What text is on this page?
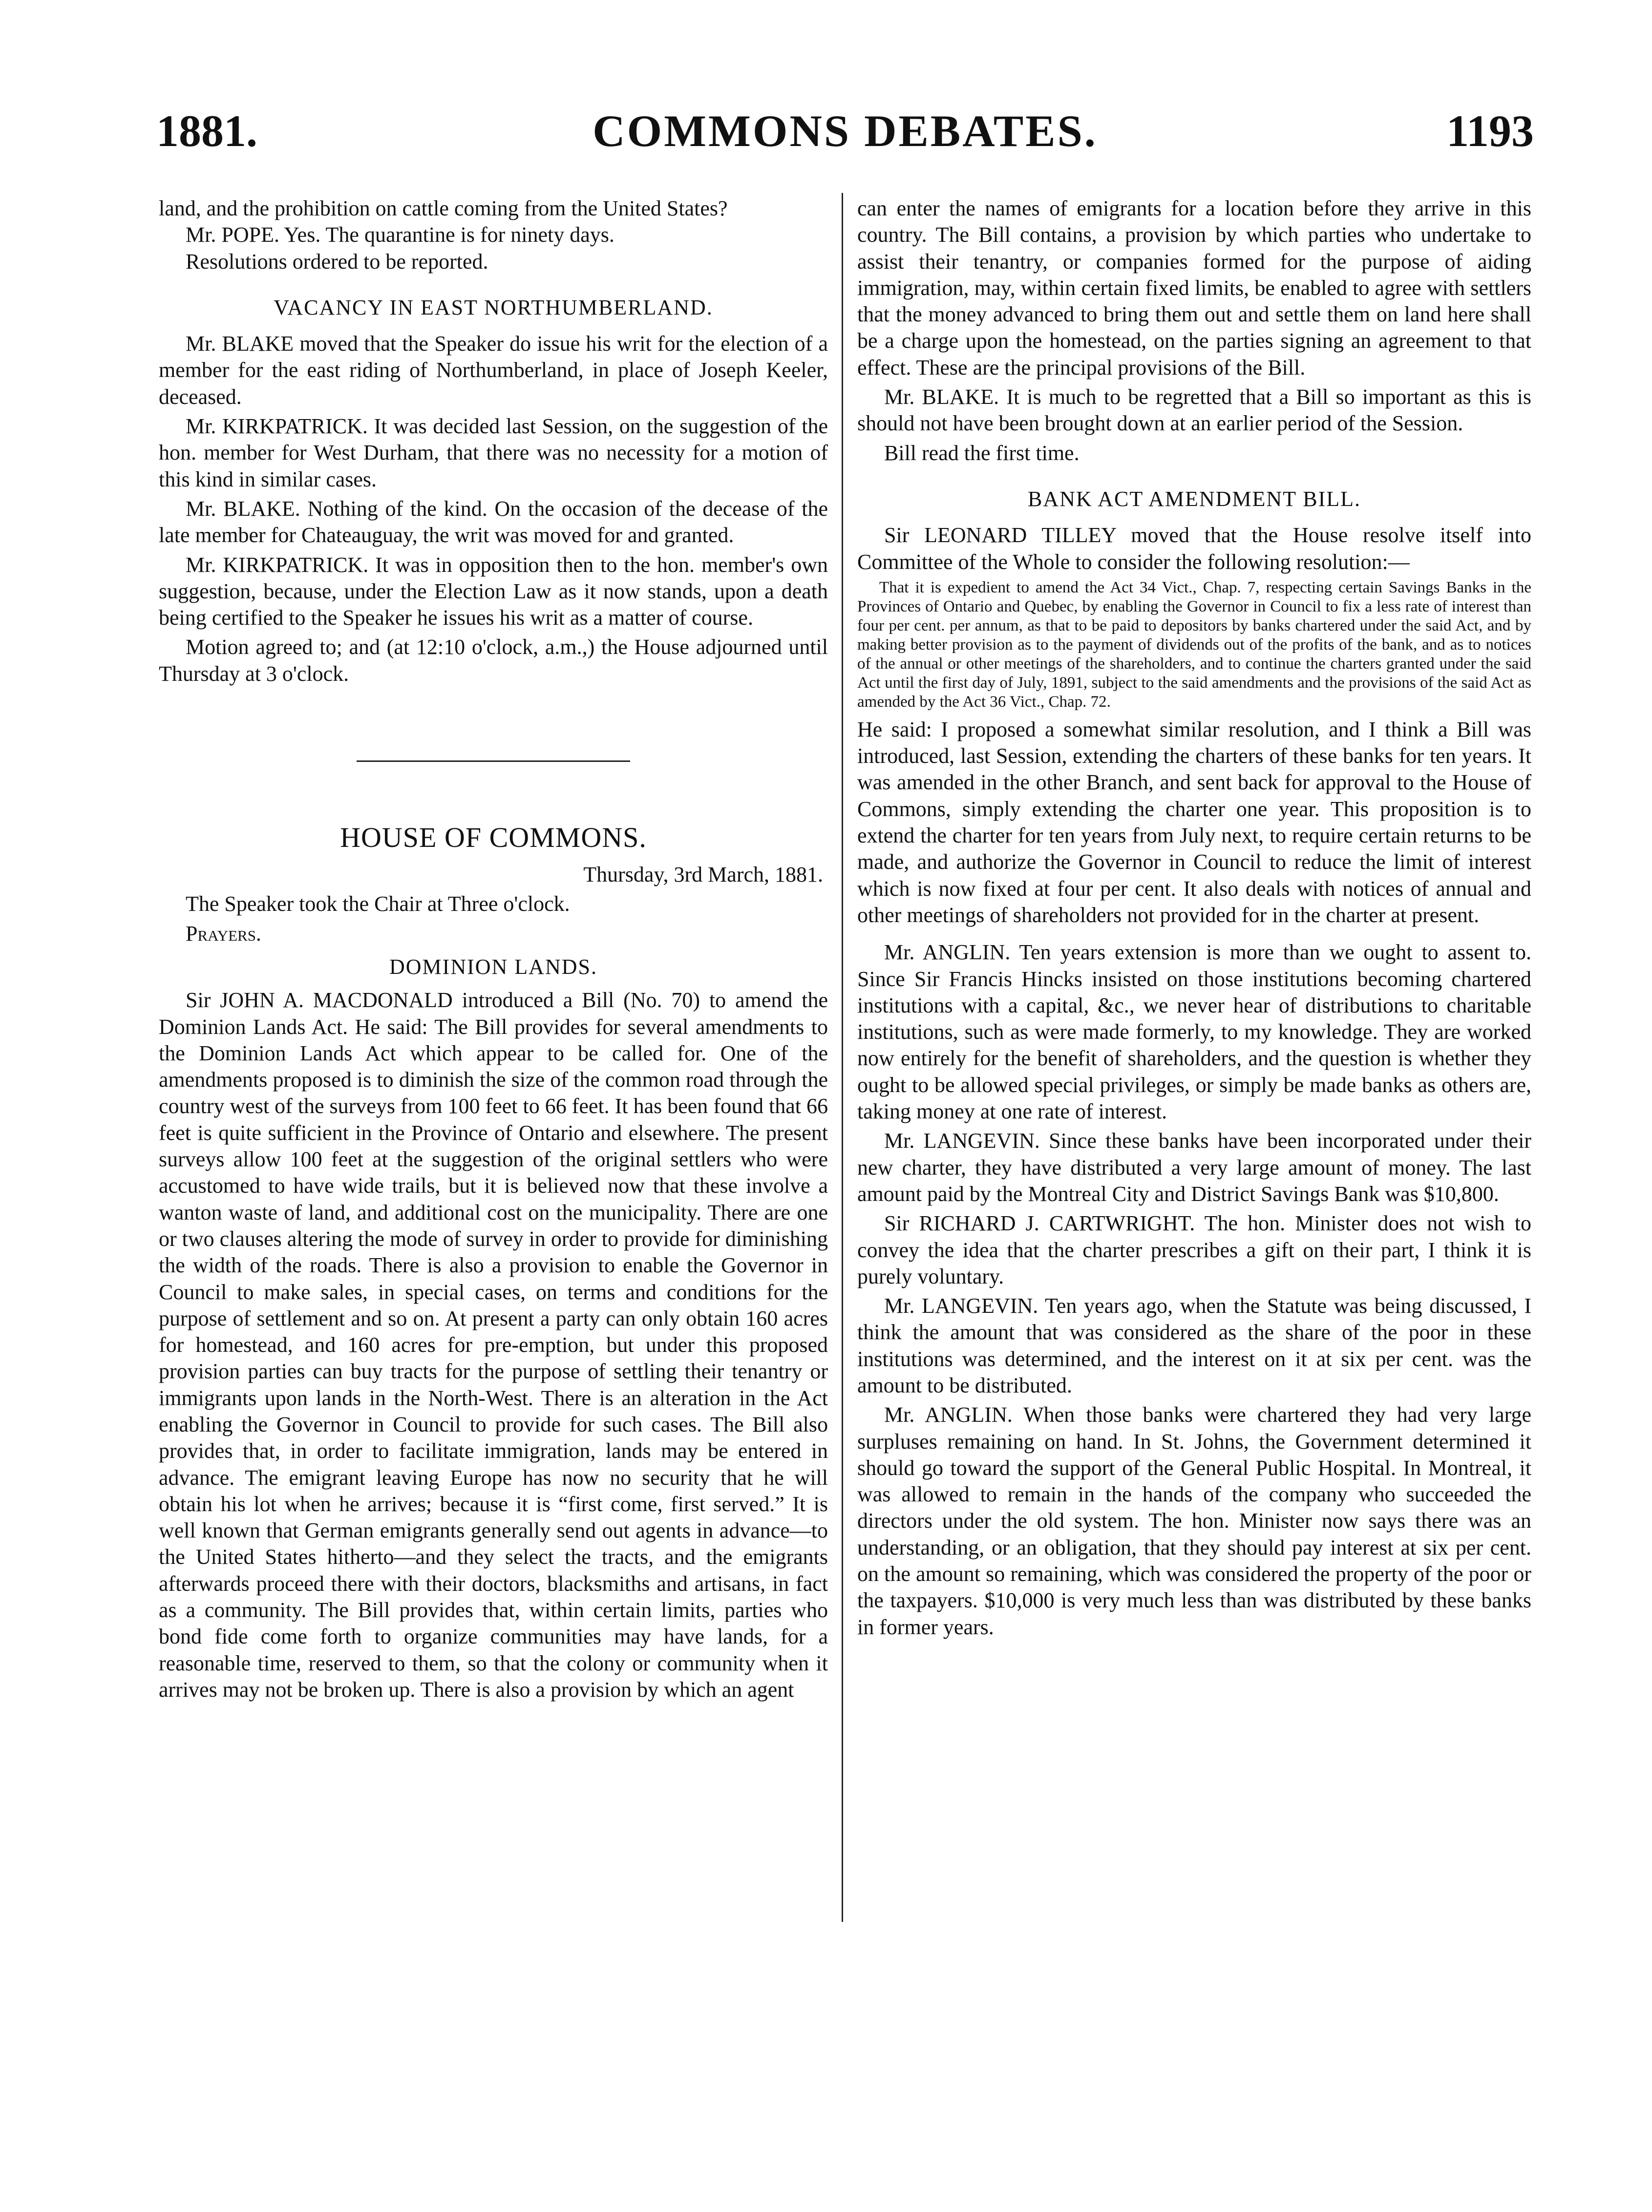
1881.	COMMONS DEBATES.	1193

land, and the prohibition on cattle coming from the United States?

Mr. POPE. Yes. The quarantine is for ninety days.

Resolutions ordered to be reported.

VACANCY IN EAST NORTHUMBERLAND.

Mr. BLAKE moved that the Speaker do issue his writ for the election of a member for the east riding of Northumberland, in place of Joseph Keeler, deceased.

Mr. KIRKPATRICK. It was decided last Session, on the suggestion of the hon. member for West Durham, that there was no necessity for a motion of this kind in similar cases.

Mr. BLAKE. Nothing of the kind. On the occasion of the decease of the late member for Chateauguay, the writ was moved for and granted.

Mr. KIRKPATRICK. It was in opposition then to the hon. member's own suggestion, because, under the Election Law as it now stands, upon a death being certified to the Speaker he issues his writ as a matter of course.

Motion agreed to; and (at 12:10 o'clock, a.m.,) the House adjourned until Thursday at 3 o'clock.

HOUSE OF COMMONS.

Thursday, 3rd March, 1881.

The Speaker took the Chair at Three o'clock.

Prayers.

DOMINION LANDS.

Sir JOHN A. MACDONALD introduced a Bill (No. 70) to amend the Dominion Lands Act. He said: The Bill provides for several amendments to the Dominion Lands Act which appear to be called for. One of the amendments proposed is to diminish the size of the common road through the country west of the surveys from 100 feet to 66 feet. It has been found that 66 feet is quite sufficient in the Province of Ontario and elsewhere. The present surveys allow 100 feet at the suggestion of the original settlers who were accustomed to have wide trails, but it is believed now that these involve a wanton waste of land, and additional cost on the municipality. There are one or two clauses altering the mode of survey in order to provide for diminishing the width of the roads. There is also a provision to enable the Governor in Council to make sales, in special cases, on terms and conditions for the purpose of settlement and so on. At present a party can only obtain 160 acres for homestead, and 160 acres for pre-emption, but under this proposed provision parties can buy tracts for the purpose of settling their tenantry or immigrants upon lands in the North-West. There is an alteration in the Act enabling the Governor in Council to provide for such cases. The Bill also provides that, in order to facilitate immigration, lands may be entered in advance. The emigrant leaving Europe has now no security that he will obtain his lot when he arrives; because it is “first come, first served.” It is well known that German emigrants generally send out agents in advance—to the United States hitherto—and they select the tracts, and the emigrants afterwards proceed there with their doctors, blacksmiths and artisans, in fact as a community. The Bill provides that, within certain limits, parties who bond fide come forth to organize communities may have lands, for a reasonable time, reserved to them, so that the colony or community when it arrives may not be broken up. There is also a provision by which an agent

can enter the names of emigrants for a location before they arrive in this country. The Bill contains, a provision by which parties who undertake to assist their tenantry, or companies formed for the purpose of aiding immigration, may, within certain fixed limits, be enabled to agree with settlers that the money advanced to bring them out and settle them on land here shall be a charge upon the homestead, on the parties signing an agreement to that effect. These are the principal provisions of the Bill.

Mr. BLAKE. It is much to be regretted that a Bill so important as this is should not have been brought down at an earlier period of the Session.

Bill read the first time.

BANK ACT AMENDMENT BILL.

Sir LEONARD TILLEY moved that the House resolve itself into Committee of the Whole to consider the following resolution:—

That it is expedient to amend the Act 34 Vict., Chap. 7, respecting certain Savings Banks in the Provinces of Ontario and Quebec, by enabling the Governor in Council to fix a less rate of interest than four per cent. per annum, as that to be paid to depositors by banks chartered under the said Act, and by making better provision as to the payment of dividends out of the profits of the bank, and as to notices of the annual or other meetings of the shareholders, and to continue the charters granted under the said Act until the first day of July, 1891, subject to the said amendments and the provisions of the said Act as amended by the Act 36 Vict., Chap. 72.

He said: I proposed a somewhat similar resolution, and I think a Bill was introduced, last Session, extending the charters of these banks for ten years. It was amended in the other Branch, and sent back for approval to the House of Commons, simply extending the charter one year. This proposition is to extend the charter for ten years from July next, to require certain returns to be made, and authorize the Governor in Council to reduce the limit of interest which is now fixed at four per cent. It also deals with notices of annual and other meetings of shareholders not provided for in the charter at present.

Mr. ANGLIN. Ten years extension is more than we ought to assent to. Since Sir Francis Hincks insisted on those institutions becoming chartered institutions with a capital, &c., we never hear of distributions to charitable institutions, such as were made formerly, to my knowledge. They are worked now entirely for the benefit of shareholders, and the question is whether they ought to be allowed special privileges, or simply be made banks as others are, taking money at one rate of interest.

Mr. LANGEVIN. Since these banks have been incorporated under their new charter, they have distributed a very large amount of money. The last amount paid by the Montreal City and District Savings Bank was $10,800.

Sir RICHARD J. CARTWRIGHT. The hon. Minister does not wish to convey the idea that the charter prescribes a gift on their part, I think it is purely voluntary.

Mr. LANGEVIN. Ten years ago, when the Statute was being discussed, I think the amount that was considered as the share of the poor in these institutions was determined, and the interest on it at six per cent. was the amount to be distributed.

Mr. ANGLIN. When those banks were chartered they had very large surpluses remaining on hand. In St. Johns, the Government determined it should go toward the support of the General Public Hospital. In Montreal, it was allowed to remain in the hands of the company who succeeded the directors under the old system. The hon. Minister now says there was an understanding, or an obligation, that they should pay interest at six per cent. on the amount so remaining, which was considered the property of the poor or the taxpayers. $10,000 is very much less than was distributed by these banks in former years.
